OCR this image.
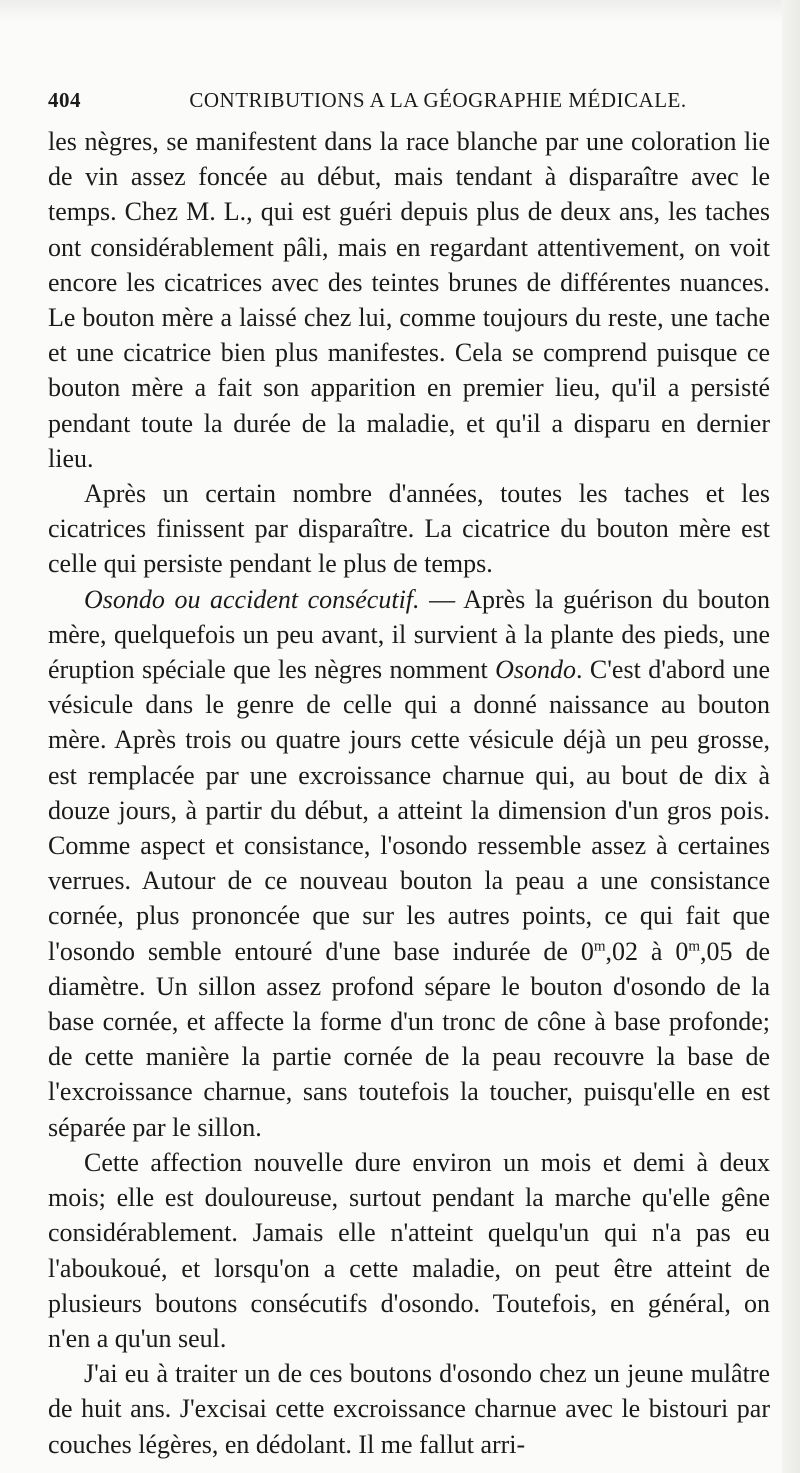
404	CONTRIBUTIONS A LA GÉOGRAPHIE MÉDICALE.

les nègres, se manifestent dans la race blanche par une coloration lie de vin assez foncée au début, mais tendant à disparaître avec le temps. Chez M. L., qui est guéri depuis plus de deux ans, les taches ont considérablement pâli, mais en regardant attentivement, on voit encore les cicatrices avec des teintes brunes de différentes nuances. Le bouton mère a laissé chez lui, comme toujours du reste, une tache et une cicatrice bien plus manifestes. Cela se comprend puisque ce bouton mère a fait son apparition en premier lieu, qu'il a persisté pendant toute la durée de la maladie, et qu'il a disparu en dernier lieu.

Après un certain nombre d'années, toutes les taches et les cicatrices finissent par disparaître. La cicatrice du bouton mère est celle qui persiste pendant le plus de temps.

Osondo ou accident consécutif. — Après la guérison du bouton mère, quelquefois un peu avant, il survient à la plante des pieds, une éruption spéciale que les nègres nomment Osondo. C'est d'abord une vésicule dans le genre de celle qui a donné naissance au bouton mère. Après trois ou quatre jours cette vésicule déjà un peu grosse, est remplacée par une excroissance charnue qui, au bout de dix à douze jours, à partir du début, a atteint la dimension d'un gros pois. Comme aspect et consistance, l'osondo ressemble assez à certaines verrues. Autour de ce nouveau bouton la peau a une consistance cornée, plus prononcée que sur les autres points, ce qui fait que l'osondo semble entouré d'une base indurée de 0$^m$,02 à 0$^m$,05 de diamètre. Un sillon assez profond sépare le bouton d'osondo de la base cornée, et affecte la forme d'un tronc de cône à base profonde; de cette manière la partie cornée de la peau recouvre la base de l'excroissance charnue, sans toutefois la toucher, puisqu'elle en est séparée par le sillon.

Cette affection nouvelle dure environ un mois et demi à deux mois; elle est douloureuse, surtout pendant la marche qu'elle gêne considérablement. Jamais elle n'atteint quelqu'un qui n'a pas eu l'aboukoué, et lorsqu'on a cette maladie, on peut être atteint de plusieurs boutons consécutifs d'osondo. Toutefois, en général, on n'en a qu'un seul.

J'ai eu à traiter un de ces boutons d'osondo chez un jeune mulâtre de huit ans. J'excisai cette excroissance charnue avec le bistouri par couches légères, en dédolant. Il me fallut arri-
